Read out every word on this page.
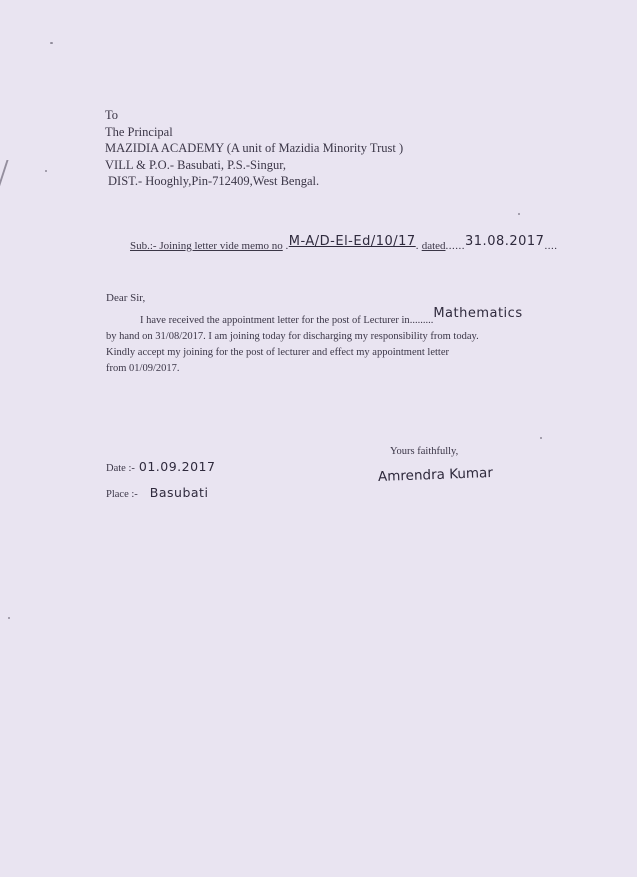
To
The Principal
MAZIDIA ACADEMY (A unit of Mazidia Minority Trust )
VILL & P.O.- Basubati, P.S.-Singur,
DIST.- Hooghly,Pin-712409,West Bengal.
Sub.:- Joining letter vide memo no .M-A/D-El-Ed/10/17. dated......31.08.2017....
Dear Sir,
I have received the appointment letter for the post of Lecturer in.........Mathematics
by hand on 31/08/2017. I am joining today for discharging my responsibility from today.
Kindly accept my joining for the post of lecturer and effect my appointment letter
from 01/09/2017.
Date :- 01.09.2017
Place :- Basubati
Yours faithfully,
Amrendra Kumar
